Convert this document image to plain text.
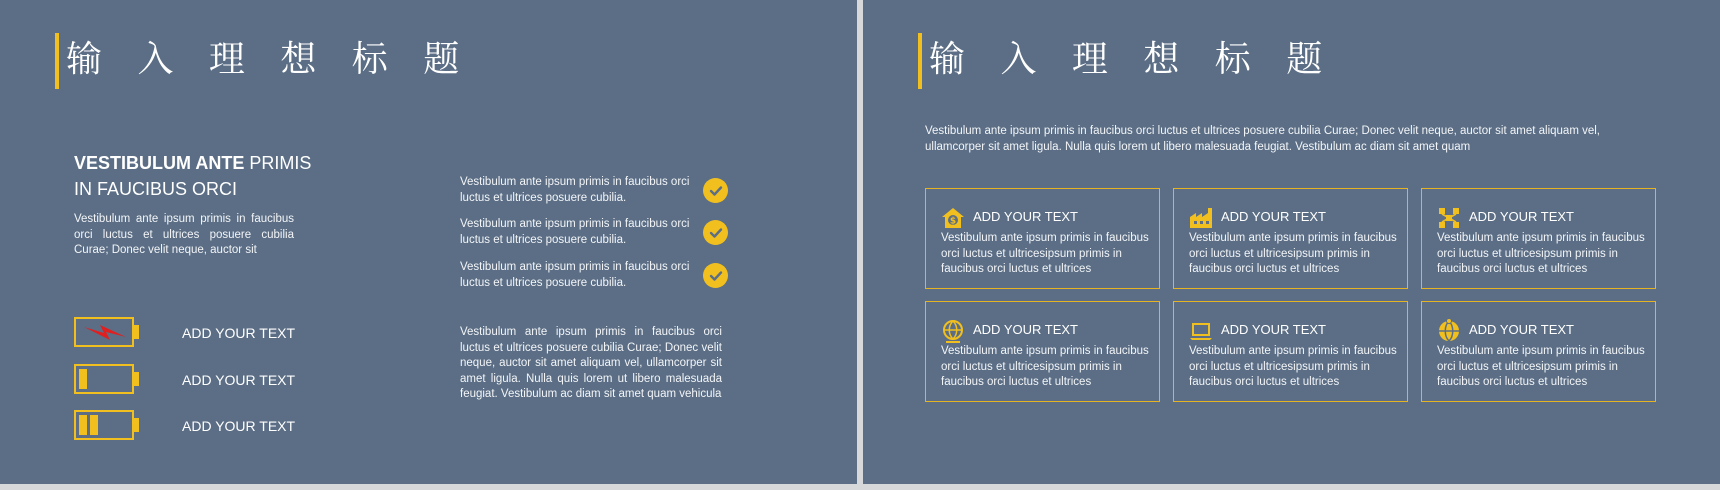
输 入 理 想 标 题
VESTIBULUM ANTE PRIMIS
IN FAUCIBUS ORCI
Vestibulum ante ipsum primis in faucibus orci luctus et ultrices posuere cubilia Curae; Donec velit neque, auctor sit
Vestibulum ante ipsum primis in faucibus orci luctus et ultrices posuere cubilia.
Vestibulum ante ipsum primis in faucibus orci luctus et ultrices posuere cubilia.
Vestibulum ante ipsum primis in faucibus orci luctus et ultrices posuere cubilia.
Vestibulum ante ipsum primis in faucibus orci luctus et ultrices posuere cubilia Curae; Donec velit neque, auctor sit amet aliquam vel, ullamcorper sit amet ligula. Nulla quis lorem ut libero malesuada feugiat. Vestibulum ac diam sit amet quam vehicula
ADD YOUR TEXT
ADD YOUR TEXT
ADD YOUR TEXT
输 入 理 想 标 题
Vestibulum ante ipsum primis in faucibus orci luctus et ultrices posuere cubilia Curae; Donec velit neque, auctor sit amet aliquam vel, ullamcorper sit amet ligula. Nulla quis lorem ut libero malesuada feugiat. Vestibulum ac diam sit amet quam
$ ADD YOUR TEXT
Vestibulum ante ipsum primis in faucibus orci luctus et ultricesipsum primis in faucibus orci luctus et ultrices
ADD YOUR TEXT
Vestibulum ante ipsum primis in faucibus orci luctus et ultricesipsum primis in faucibus orci luctus et ultrices
ADD YOUR TEXT
Vestibulum ante ipsum primis in faucibus orci luctus et ultricesipsum primis in faucibus orci luctus et ultrices
ADD YOUR TEXT
Vestibulum ante ipsum primis in faucibus orci luctus et ultricesipsum primis in faucibus orci luctus et ultrices
ADD YOUR TEXT
Vestibulum ante ipsum primis in faucibus orci luctus et ultricesipsum primis in faucibus orci luctus et ultrices
ADD YOUR TEXT
Vestibulum ante ipsum primis in faucibus orci luctus et ultricesipsum primis in faucibus orci luctus et ultrices
